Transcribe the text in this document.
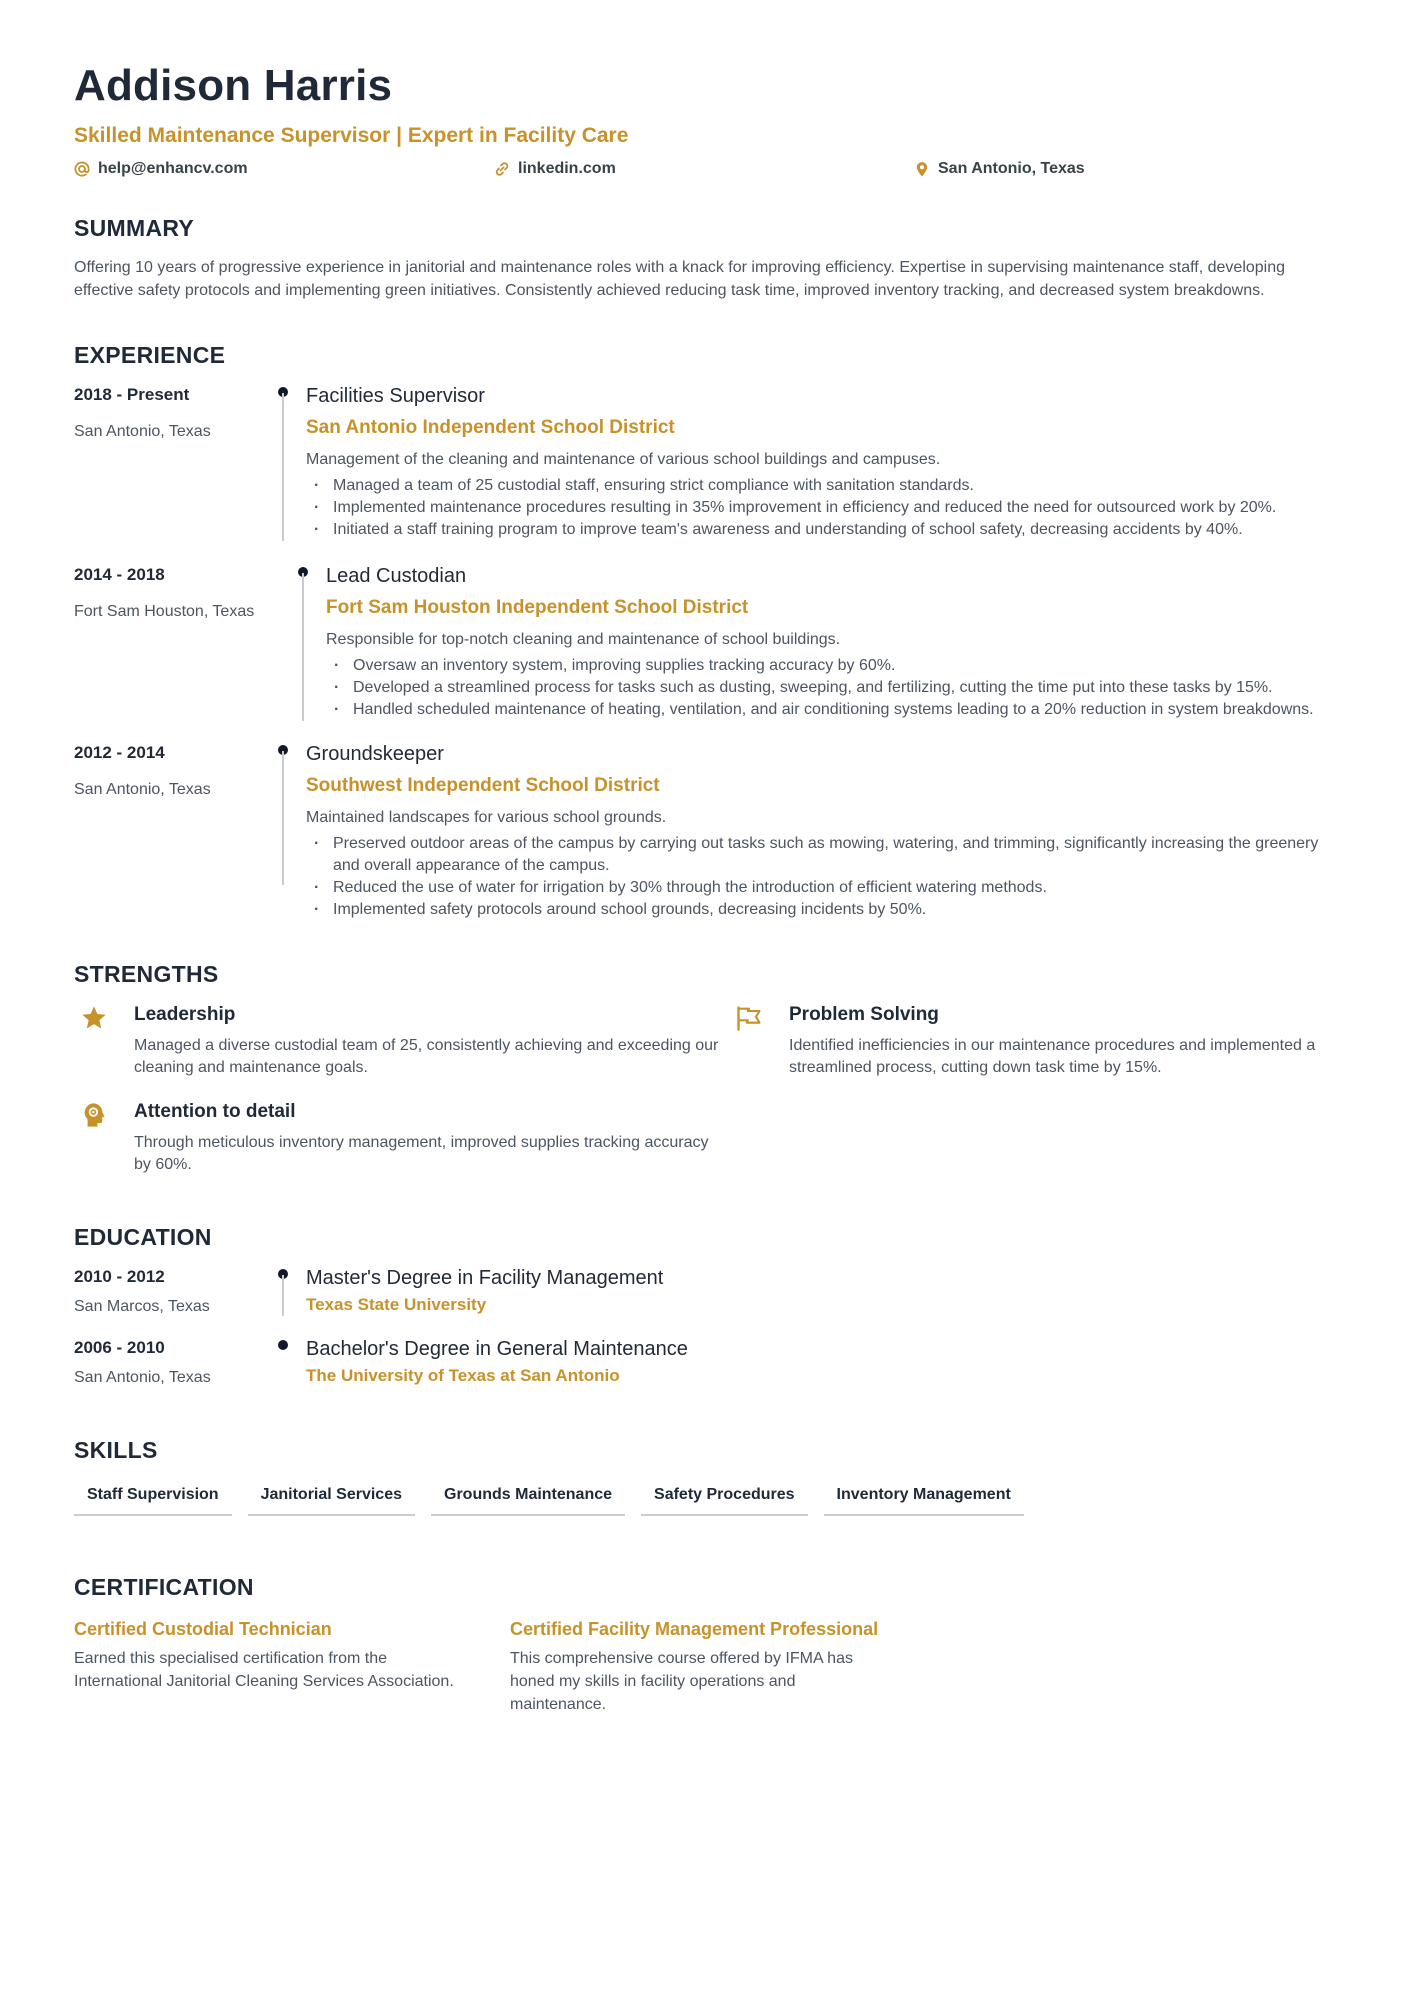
Addison Harris
Skilled Maintenance Supervisor | Expert in Facility Care
help@enhancv.com	linkedin.com	San Antonio, Texas
SUMMARY
Offering 10 years of progressive experience in janitorial and maintenance roles with a knack for improving efficiency. Expertise in supervising maintenance staff, developing effective safety protocols and implementing green initiatives. Consistently achieved reducing task time, improved inventory tracking, and decreased system breakdowns.
EXPERIENCE
2018 - Present
San Antonio, Texas
Facilities Supervisor
San Antonio Independent School District
Management of the cleaning and maintenance of various school buildings and campuses.
· Managed a team of 25 custodial staff, ensuring strict compliance with sanitation standards.
· Implemented maintenance procedures resulting in 35% improvement in efficiency and reduced the need for outsourced work by 20%.
· Initiated a staff training program to improve team's awareness and understanding of school safety, decreasing accidents by 40%.
2014 - 2018
Fort Sam Houston, Texas
Lead Custodian
Fort Sam Houston Independent School District
Responsible for top-notch cleaning and maintenance of school buildings.
· Oversaw an inventory system, improving supplies tracking accuracy by 60%.
· Developed a streamlined process for tasks such as dusting, sweeping, and fertilizing, cutting the time put into these tasks by 15%.
· Handled scheduled maintenance of heating, ventilation, and air conditioning systems leading to a 20% reduction in system breakdowns.
2012 - 2014
San Antonio, Texas
Groundskeeper
Southwest Independent School District
Maintained landscapes for various school grounds.
· Preserved outdoor areas of the campus by carrying out tasks such as mowing, watering, and trimming, significantly increasing the greenery and overall appearance of the campus.
· Reduced the use of water for irrigation by 30% through the introduction of efficient watering methods.
· Implemented safety protocols around school grounds, decreasing incidents by 50%.
STRENGTHS
Leadership
Managed a diverse custodial team of 25, consistently achieving and exceeding our cleaning and maintenance goals.
Problem Solving
Identified inefficiencies in our maintenance procedures and implemented a streamlined process, cutting down task time by 15%.
Attention to detail
Through meticulous inventory management, improved supplies tracking accuracy by 60%.
EDUCATION
2010 - 2012
San Marcos, Texas
Master's Degree in Facility Management
Texas State University
2006 - 2010
San Antonio, Texas
Bachelor's Degree in General Maintenance
The University of Texas at San Antonio
SKILLS
Staff Supervision	Janitorial Services	Grounds Maintenance	Safety Procedures	Inventory Management
CERTIFICATION
Certified Custodial Technician
Earned this specialised certification from the International Janitorial Cleaning Services Association.
Certified Facility Management Professional
This comprehensive course offered by IFMA has honed my skills in facility operations and maintenance.
